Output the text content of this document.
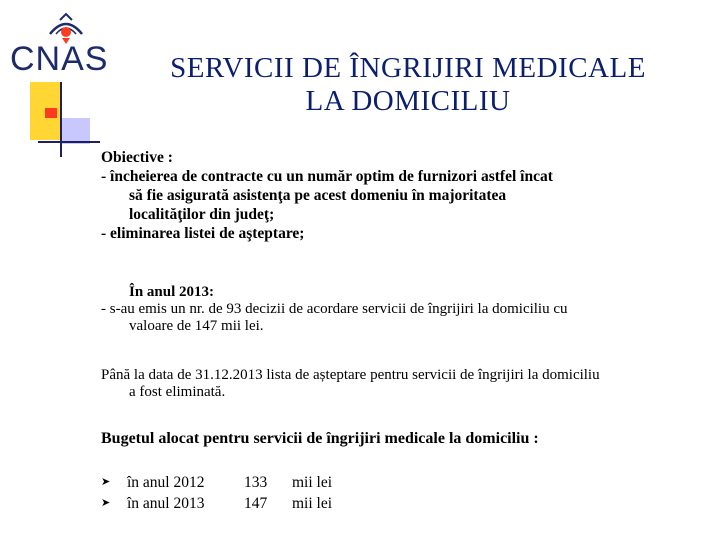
CNAS	SERVICII DE ÎNGRIJIRI MEDICALE
LA DOMICILIU

Obiective :

- încheierea de contracte cu un număr optim de furnizori astfel încat

să fie asigurată asistenţa pe acest domeniu în majoritatea

localităţilor din judeţ;

- eliminarea listei de aşteptare;

În anul 2013:

- s-au emis un nr. de 93 decizii de acordare servicii de îngrijiri la domiciliu cu

valoare de 147 mii lei.

Până la data de 31.12.2013 lista de așteptare pentru servicii de îngrijiri la domiciliu

a fost eliminată.

Bugetul alocat pentru servicii de îngrijiri medicale la domiciliu :
➤	în anul 2012	133 mii lei
➤	în anul 2013	147 mii lei
